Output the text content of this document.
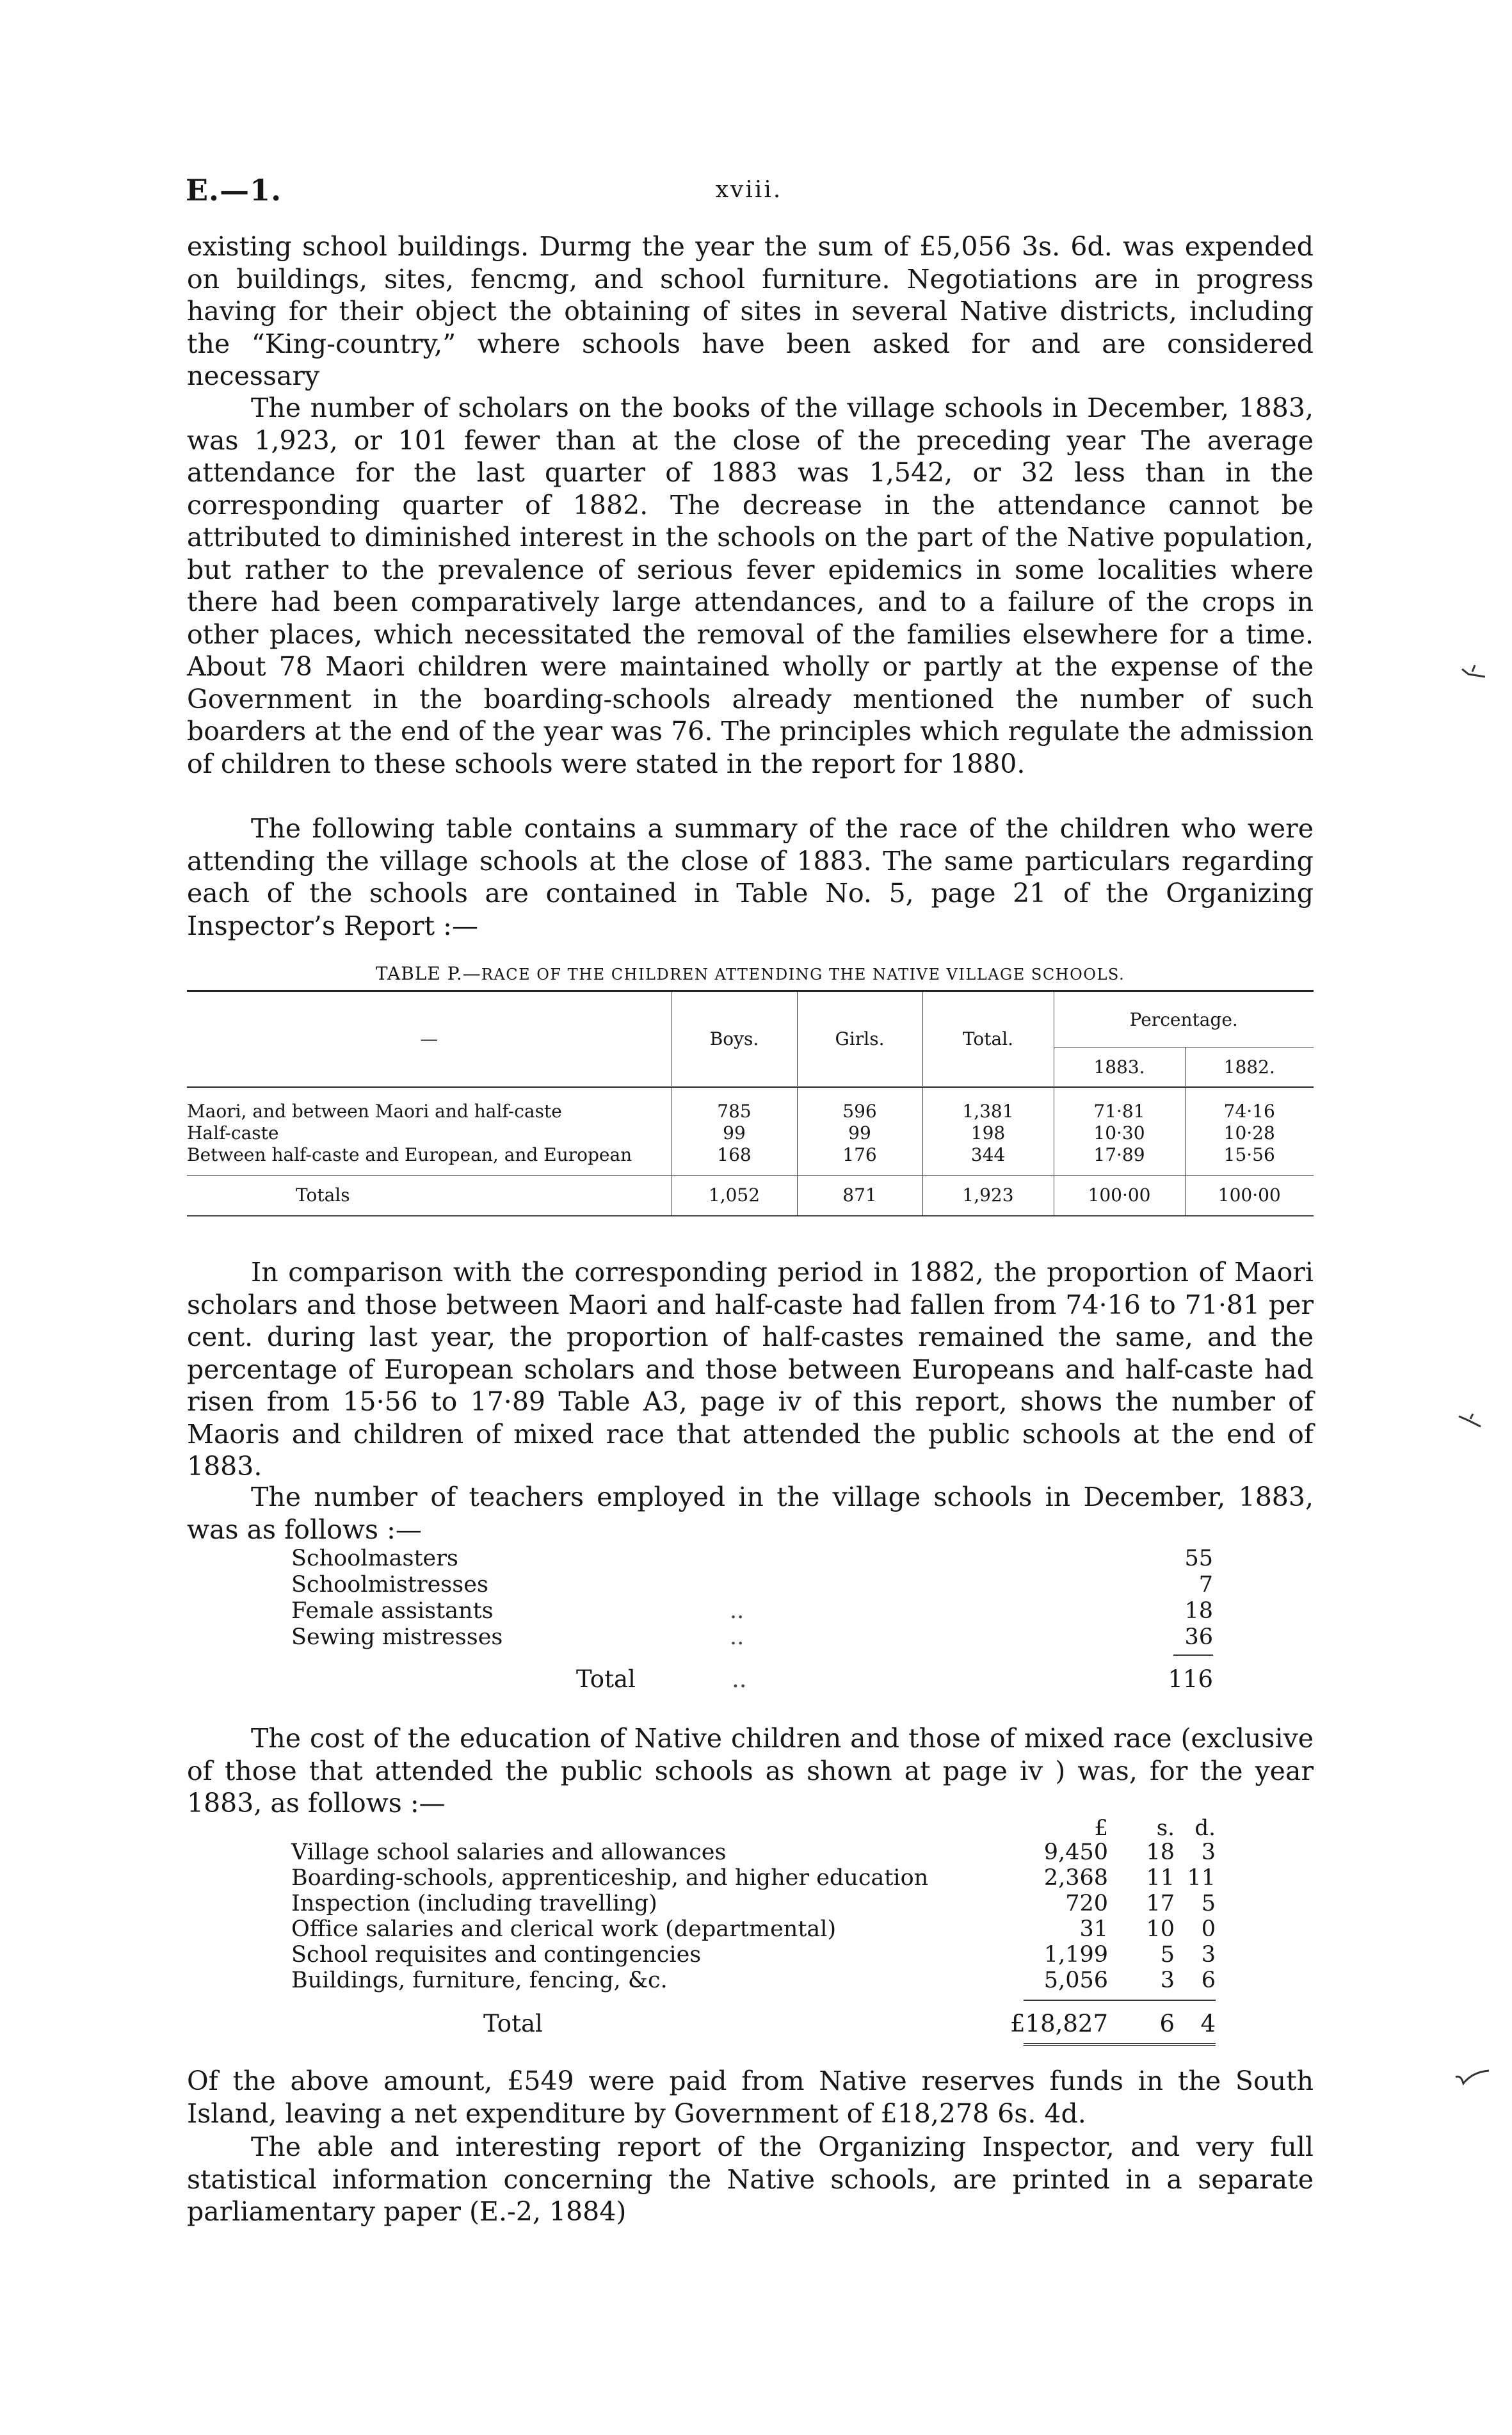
E.—1.	xviii.

existing school buildings. Durmg the year the sum of £5,056 3s. 6d. was expended on buildings, sites, fencmg, and school furniture. Negotiations are in progress having for their object the obtaining of sites in several Native districts, including the “King-country,” where schools have been asked for and are considered necessary

The number of scholars on the books of the village schools in December, 1883, was 1,923, or 101 fewer than at the close of the preceding year The average attendance for the last quarter of 1883 was 1,542, or 32 less than in the corresponding quarter of 1882. The decrease in the attendance cannot be attributed to diminished interest in the schools on the part of the Native population, but rather to the prevalence of serious fever epidemics in some localities where there had been comparatively large attendances, and to a failure of the crops in other places, which necessitated the removal of the families elsewhere for a time. About 78 Maori children were maintained wholly or partly at the expense of the Government in the boarding-schools already mentioned the number of such boarders at the end of the year was 76. The principles which regulate the admission of children to these schools were stated in the report for 1880.

The following table contains a summary of the race of the children who were attending the village schools at the close of 1883. The same particulars regarding each of the schools are contained in Table No. 5, page 21 of the Organizing Inspector’s Report :—

TABLE P.—RACE OF THE CHILDREN ATTENDING THE NATIVE VILLAGE SCHOOLS.
—	Boys.	Girls.	Total.	Percentage.	
				1883.	1882.
Maori, and between Maori and half-caste	785	596	1,381	71·81	74·16
Half-caste	99	99	198	10·30	10·28
Between half-caste and European, and European	168	176	344	17·89	15·56
Totals	1,052	871	1,923	100·00	100·00

In comparison with the corresponding period in 1882, the proportion of Maori scholars and those between Maori and half-caste had fallen from 74·16 to 71·81 per cent. during last year, the proportion of half-castes remained the same, and the percentage of European scholars and those between Europeans and half-caste had risen from 15·56 to 17·89 Table A3, page iv of this report, shows the number of Maoris and children of mixed race that attended the public schools at the end of 1883.

The number of teachers employed in the village schools in December, 1883, was as follows :—

Schoolmasters	55
Schoolmistresses	7
Female assistants	..	18
Sewing mistresses	..	36
Total	..	116

The cost of the education of Native children and those of mixed race (exclusive of those that attended the public schools as shown at page iv ) was, for the year 1883, as follows :—

£ s. d.
Village school salaries and allowances	9,450 18 3
Boarding-schools, apprenticeship, and higher education	2,368 11 11
Inspection (including travelling)	720 17 5
Office salaries and clerical work (departmental)	31 10 0
School requisites and contingencies	1,199 5 3
Buildings, furniture, fencing, &c.	5,056 3 6
Total	£18,827 6 4

Of the above amount, £549 were paid from Native reserves funds in the South Island, leaving a net expenditure by Government of £18,278 6s. 4d.

The able and interesting report of the Organizing Inspector, and very full statistical information concerning the Native schools, are printed in a separate parliamentary paper (E.-2, 1884)
